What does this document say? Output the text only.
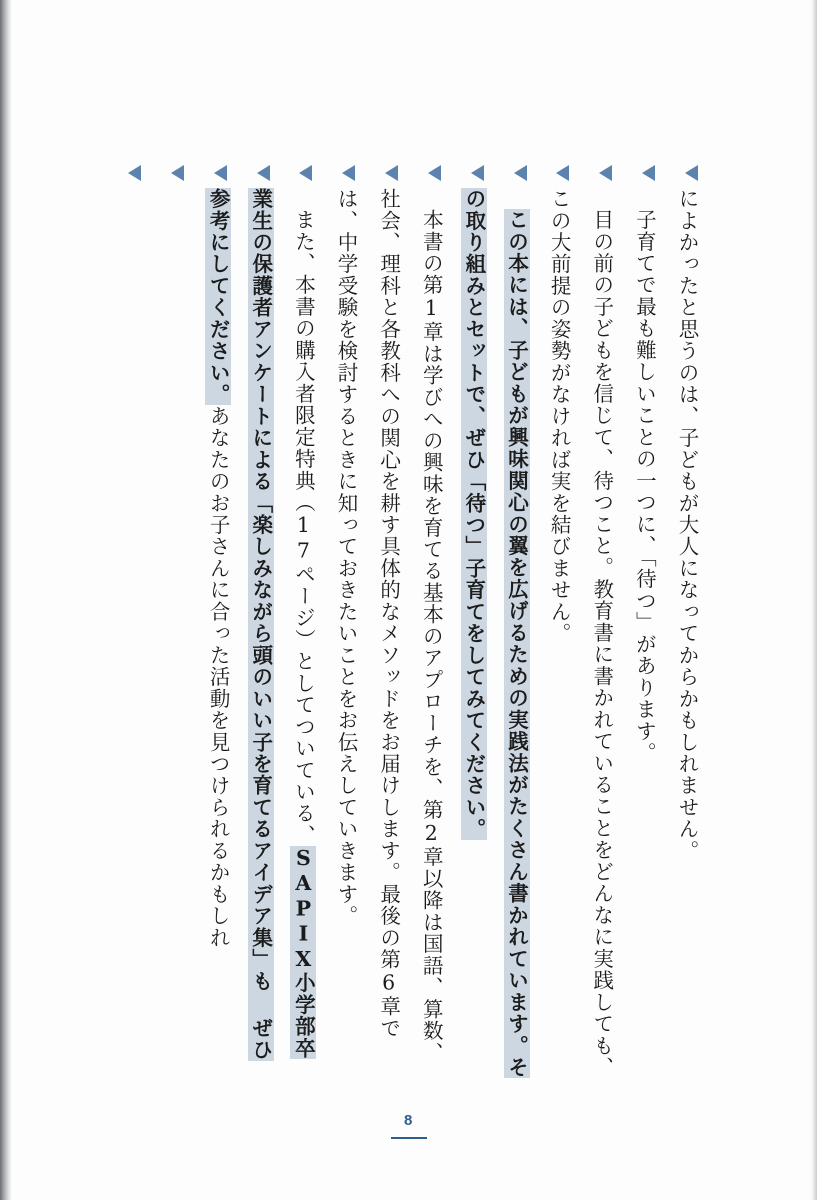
によかったと思うのは、子どもが大人になってからかもしれません。

子育てで最も難しいことの一つに、「待つ」があります。

目の前の子どもを信じて、待つこと。教育書に書かれていることをどんなに実践しても、この大前提の姿勢がなければ実を結びません。

この本には、子どもが興味関心の翼を広げるための実践法がたくさん書かれています。その取り組みとセットで、ぜひ「待つ」子育てをしてみてください。

本書の第1章は学びへの興味を育てる基本のアプローチを、第2章以降は国語、算数、社会、理科と各教科への関心を耕す具体的なメソッドをお届けします。最後の第6章では、中学受験を検討するときに知っておきたいことをお伝えしていきます。

また、本書の購入者限定特典（17ページ）としてついている、SAPIX小学部卒業生の保護者アンケートによる「楽しみながら頭のいい子を育てるアイデア集」も ぜひ参考にしてください。あなたのお子さんに合った活動を見つけられるかもしれ

8
